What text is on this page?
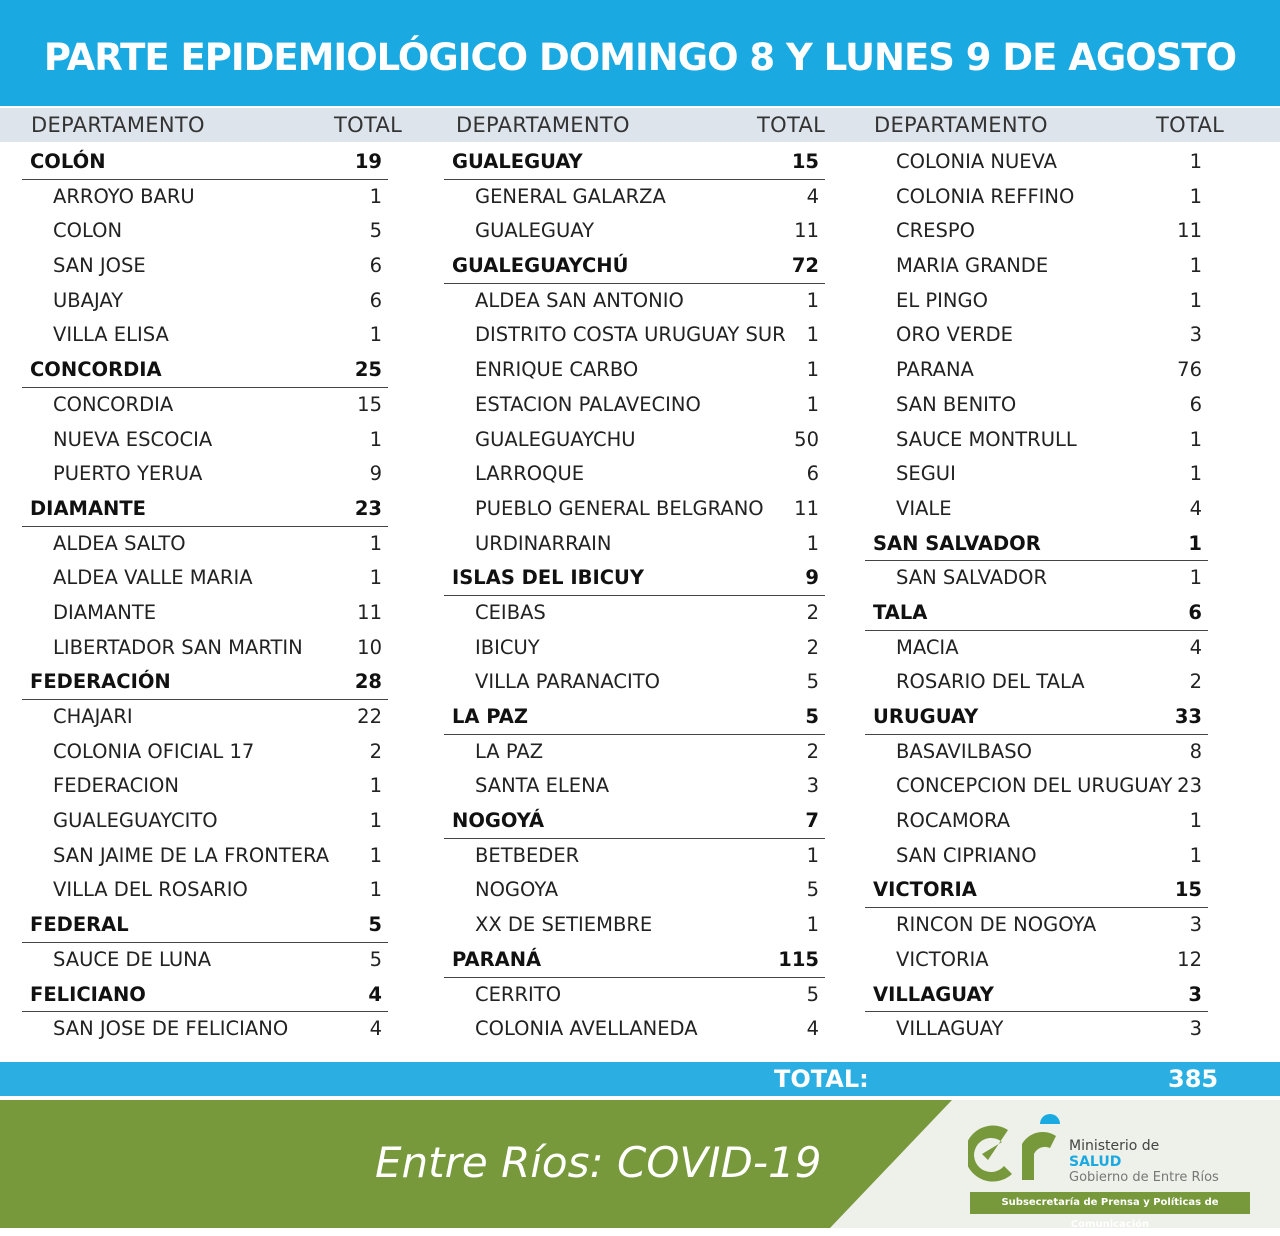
PARTE EPIDEMIOLÓGICO DOMINGO 8 Y LUNES 9 DE AGOSTO
DEPARTAMENTO	TOTAL	DEPARTAMENTO	TOTAL DEPARTAMENTO	TOTAL
COLÓN	19
ARROYO BARU	1
COLON	5
SAN JOSE	6
UBAJAY	6
VILLA ELISA	1
CONCORDIA	25
CONCORDIA	15
NUEVA ESCOCIA	1
PUERTO YERUA	9
DIAMANTE	23
ALDEA SALTO	1
ALDEA VALLE MARIA	1
DIAMANTE	11
LIBERTADOR SAN MARTIN	10
FEDERACIÓN	28
CHAJARI	22
COLONIA OFICIAL 17	2
FEDERACION	1
GUALEGUAYCITO	1
SAN JAIME DE LA FRONTERA 1
VILLA DEL ROSARIO	1
FEDERAL	5
SAUCE DE LUNA	5
FELICIANO	4
SAN JOSE DE FELICIANO	4
GUALEGUAY	15
GENERAL GALARZA	4
GUALEGUAY	11
GUALEGUAYCHÚ	72
ALDEA SAN ANTONIO	1
DISTRITO COSTA URUGUAY SUR 1
ENRIQUE CARBO	1
ESTACION PALAVECINO	1
GUALEGUAYCHU	50
LARROQUE	6
PUEBLO GENERAL BELGRANO 11
URDINARRAIN	1
ISLAS DEL IBICUY	9
CEIBAS	2
IBICUY	2
VILLA PARANACITO	5
LA PAZ	5
LA PAZ	2
SANTA ELENA	3
NOGOYÁ	7
BETBEDER	1
NOGOYA	5
XX DE SETIEMBRE	1
PARANÁ	115
CERRITO	5
COLONIA AVELLANEDA	4
COLONIA NUEVA	1
COLONIA REFFINO	1
CRESPO	11
MARIA GRANDE	1
EL PINGO	1
ORO VERDE	3
PARANA	76
SAN BENITO	6
SAUCE MONTRULL	1
SEGUI	1
VIALE	4
SAN SALVADOR	1
SAN SALVADOR	1
TALA	6
MACIA	4
ROSARIO DEL TALA	2
URUGUAY	33
BASAVILBASO	8
CONCEPCION DEL URUGUAY 23
ROCAMORA	1
SAN CIPRIANO	1
VICTORIA	15
RINCON DE NOGOYA	3
VICTORIA	12
VILLAGUAY	3
VILLAGUAY	3
TOTAL:	385
Entre Ríos: COVID-19	Ministerio de
SALUD
Gobierno de Entre Ríos
Subsecretaría de Prensa y Políticas de Comunicación
